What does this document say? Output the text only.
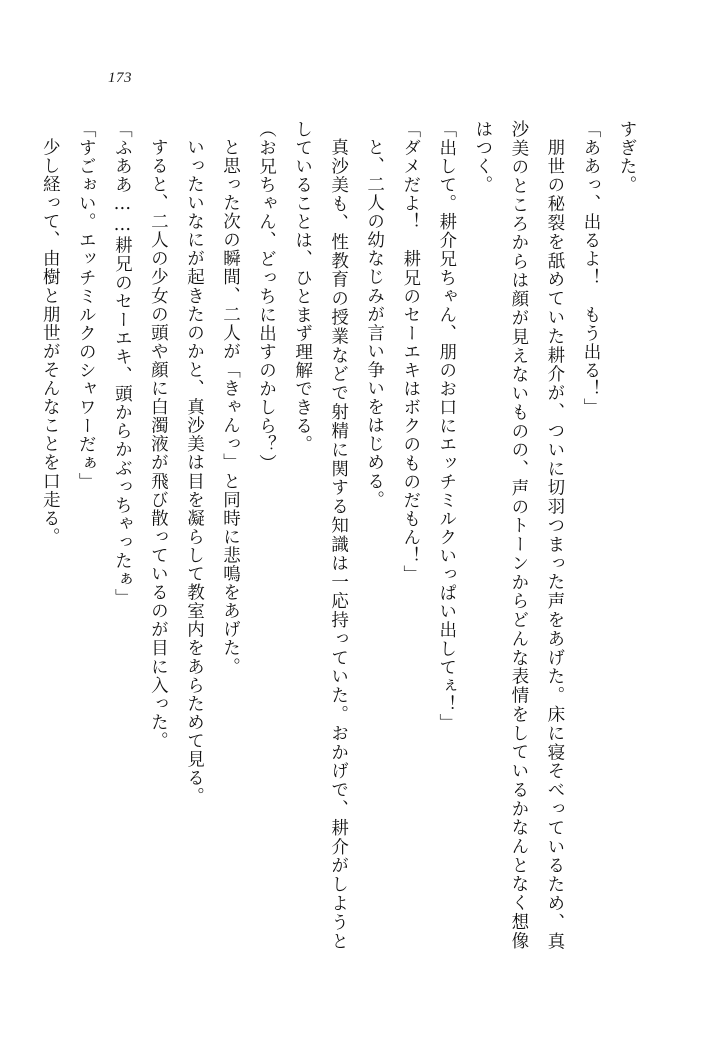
173

すぎた。

「ああっ、出るよ！　もう出る！」

朋世の秘裂を舐めていた耕介が、ついに切羽つまった声をあげた。床に寝そべっているため、真沙美のところからは顔が見えないものの、声のトーンからどんな表情をしているかなんとなく想像はつく。

「出して。耕介兄ちゃん、朋のお口にエッチミルクいっぱい出してぇ！」

「ダメだよ！　耕兄のセーエキはボクのものだもん！」

と、二人の幼なじみが言い争いをはじめる。

真沙美も、性教育の授業などで射精に関する知識は一応持っていた。おかげで、耕介がしようとしていることは、ひとまず理解できる。

（お兄ちゃん、どっちに出すのかしら？）

と思った次の瞬間、二人が「きゃんっ」と同時に悲鳴をあげた。

いったいなにが起きたのかと、真沙美は目を凝らして教室内をあらためて見る。

すると、二人の少女の頭や顔に白濁液が飛び散っているのが目に入った。

「ふああ……耕兄のセーエキ、頭からかぶっちゃったぁ」

「すごぉい。エッチミルクのシャワーだぁ」

少し経って、由樹と朋世がそんなことを口走る。
